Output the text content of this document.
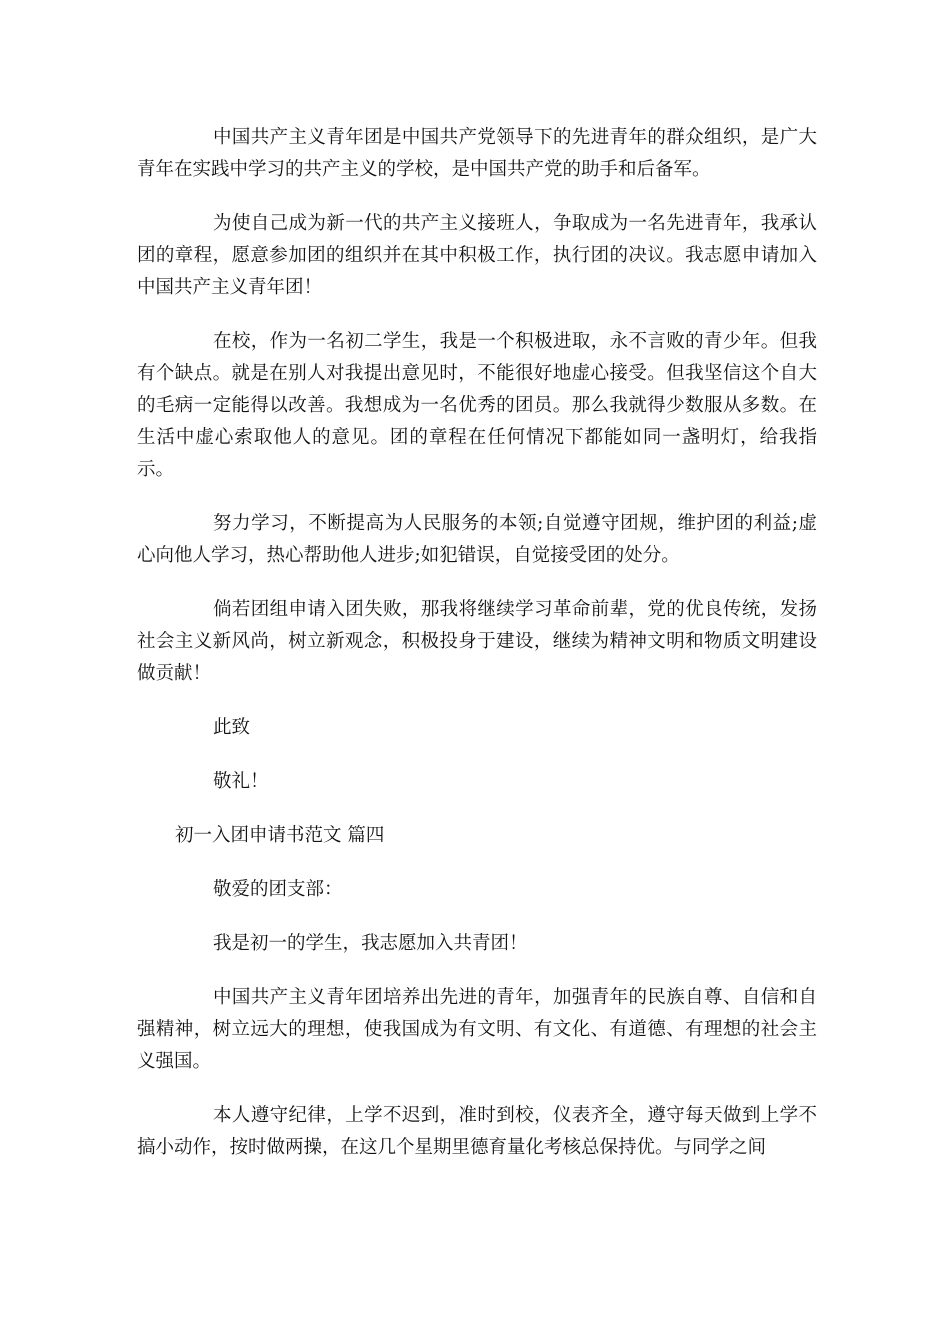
中国共产主义青年团是中国共产党领导下的先进青年的群众组织，是广大青年在实践中学习的共产主义的学校，是中国共产党的助手和后备军。

为使自己成为新一代的共产主义接班人，争取成为一名先进青年，我承认团的章程，愿意参加团的组织并在其中积极工作，执行团的决议。我志愿申请加入中国共产主义青年团！

在校，作为一名初二学生，我是一个积极进取，永不言败的青少年。但我有个缺点。就是在别人对我提出意见时，不能很好地虚心接受。但我坚信这个自大的毛病一定能得以改善。我想成为一名优秀的团员。那么我就得少数服从多数。在生活中虚心索取他人的意见。团的章程在任何情况下都能如同一盏明灯，给我指示。

努力学习，不断提高为人民服务的本领;自觉遵守团规，维护团的利益;虚心向他人学习，热心帮助他人进步;如犯错误，自觉接受团的处分。

倘若团组申请入团失败，那我将继续学习革命前辈，党的优良传统，发扬社会主义新风尚，树立新观念，积极投身于建设，继续为精神文明和物质文明建设做贡献！

此致

敬礼！

初一入团申请书范文 篇四

敬爱的团支部：

我是初一的学生，我志愿加入共青团！

中国共产主义青年团培养出先进的青年，加强青年的民族自尊、自信和自强精神，树立远大的理想，使我国成为有文明、有文化、有道德、有理想的社会主义强国。

本人遵守纪律，上学不迟到，准时到校，仪表齐全，遵守每天做到上学不搞小动作，按时做两操，在这几个星期里德育量化考核总保持优。与同学之间
